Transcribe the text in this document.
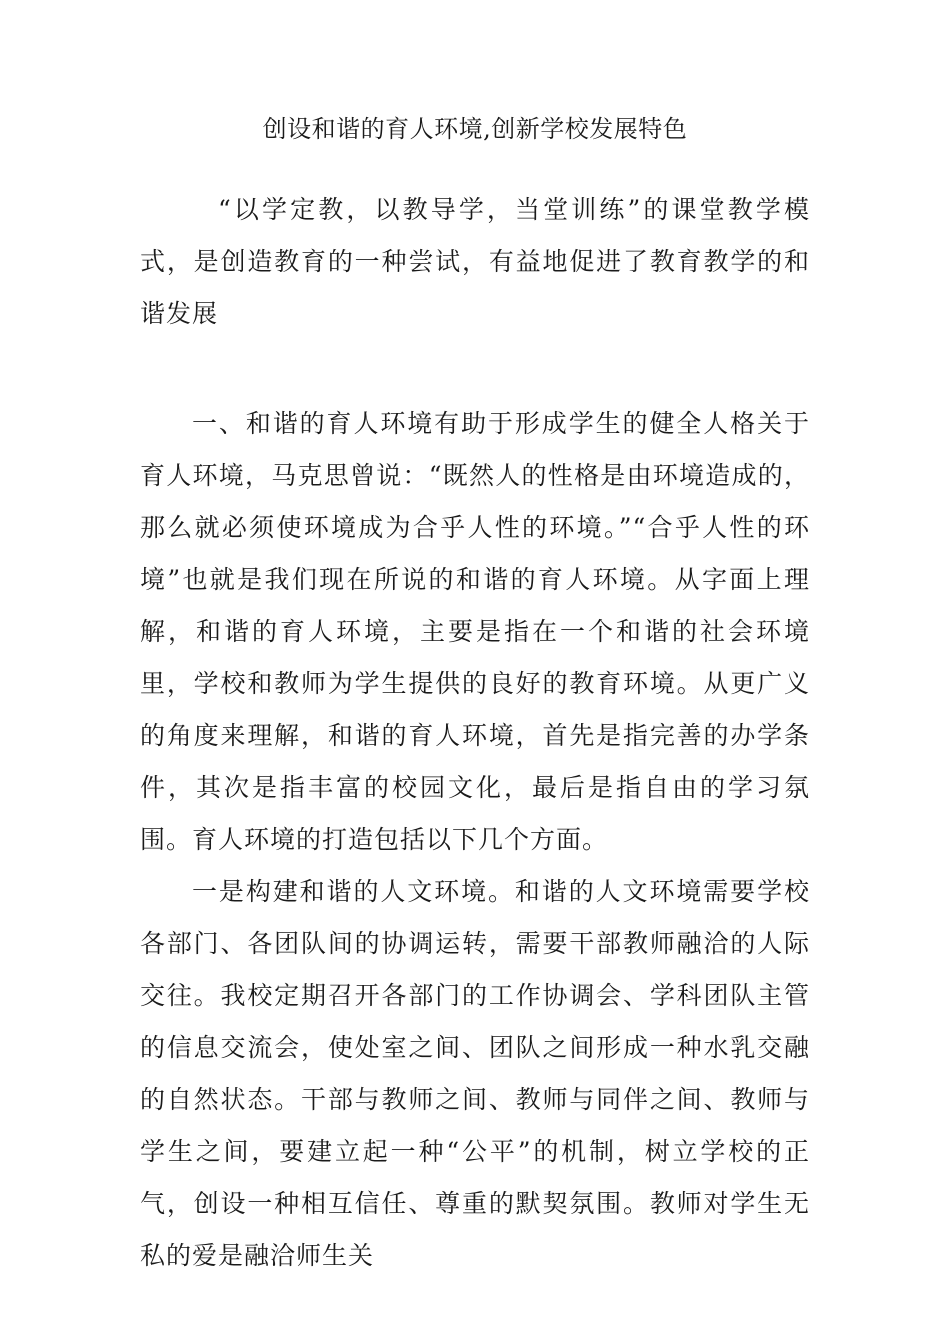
创设和谐的育人环境,创新学校发展特色

“以学定教，以教导学，当堂训练”的课堂教学模式，是创造教育的一种尝试，有益地促进了教育教学的和谐发展

一、和谐的育人环境有助于形成学生的健全人格关于育人环境，马克思曾说：“既然人的性格是由环境造成的，那么就必须使环境成为合乎人性的环境。”“合乎人性的环境”也就是我们现在所说的和谐的育人环境。从字面上理解，和谐的育人环境，主要是指在一个和谐的社会环境里，学校和教师为学生提供的良好的教育环境。从更广义的角度来理解，和谐的育人环境，首先是指完善的办学条件，其次是指丰富的校园文化，最后是指自由的学习氛围。育人环境的打造包括以下几个方面。

一是构建和谐的人文环境。和谐的人文环境需要学校各部门、各团队间的协调运转，需要干部教师融洽的人际交往。我校定期召开各部门的工作协调会、学科团队主管的信息交流会，使处室之间、团队之间形成一种水乳交融的自然状态。干部与教师之间、教师与同伴之间、教师与学生之间，要建立起一种“公平”的机制，树立学校的正气，创设一种相互信任、尊重的默契氛围。教师对学生无私的爱是融洽师生关
